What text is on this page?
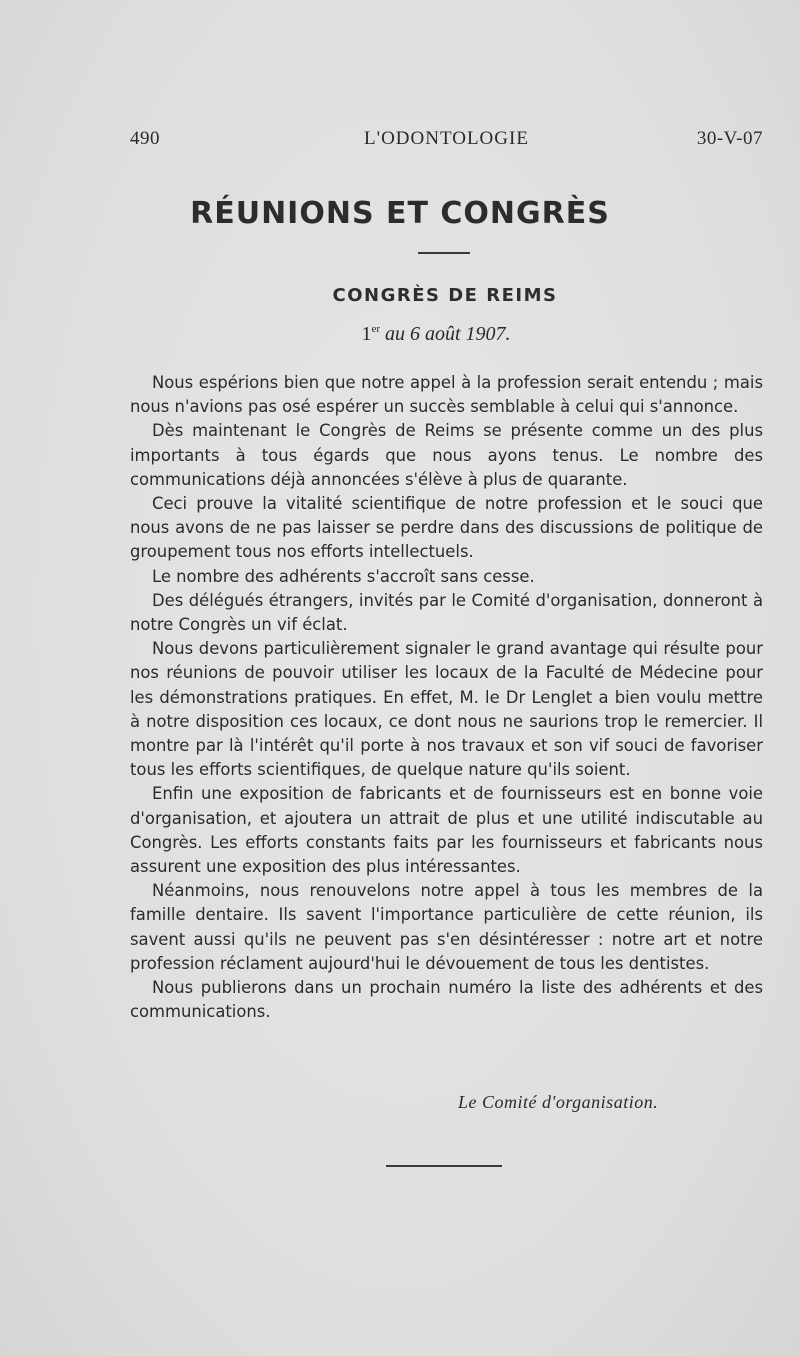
490	L'ODONTOLOGIE	30-V-07
RÉUNIONS ET CONGRÈS
CONGRÈS DE REIMS
1er au 6 août 1907.

Nous espérions bien que notre appel à la profession serait entendu ; mais nous n'avions pas osé espérer un succès semblable à celui qui s'annonce.

Dès maintenant le Congrès de Reims se présente comme un des plus importants à tous égards que nous ayons tenus. Le nombre des communications déjà annoncées s'élève à plus de quarante.

Ceci prouve la vitalité scientifique de notre profession et le souci que nous avons de ne pas laisser se perdre dans des discussions de politique de groupement tous nos efforts intellectuels.

Le nombre des adhérents s'accroît sans cesse.

Des délégués étrangers, invités par le Comité d'organisation, donneront à notre Congrès un vif éclat.

Nous devons particulièrement signaler le grand avantage qui résulte pour nos réunions de pouvoir utiliser les locaux de la Faculté de Médecine pour les démonstrations pratiques. En effet, M. le Dr Lenglet a bien voulu mettre à notre disposition ces locaux, ce dont nous ne saurions trop le remercier. Il montre par là l'intérêt qu'il porte à nos travaux et son vif souci de favoriser tous les efforts scientifiques, de quelque nature qu'ils soient.

Enfin une exposition de fabricants et de fournisseurs est en bonne voie d'organisation, et ajoutera un attrait de plus et une utilité indiscutable au Congrès. Les efforts constants faits par les fournisseurs et fabricants nous assurent une exposition des plus intéressantes.

Néanmoins, nous renouvelons notre appel à tous les membres de la famille dentaire. Ils savent l'importance particulière de cette réunion, ils savent aussi qu'ils ne peuvent pas s'en désintéresser : notre art et notre profession réclament aujourd'hui le dévouement de tous les dentistes.

Nous publierons dans un prochain numéro la liste des adhérents et des communications.

Le Comité d'organisation.
